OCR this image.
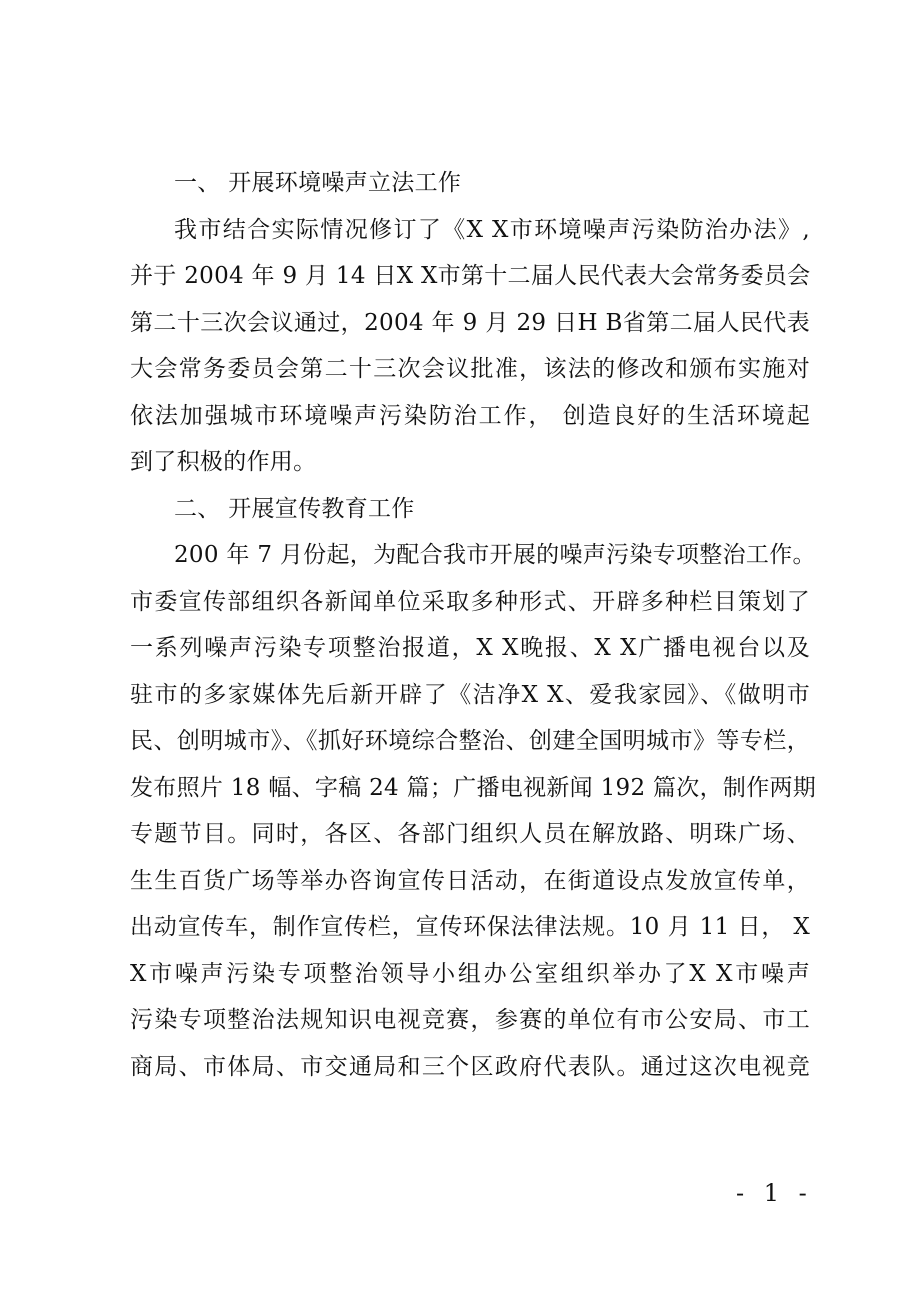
一、 开展环境噪声立法工作
我市结合实际情况修订了《X X市环境噪声污染防治办法》,
并于 2004 年 9 月 14 日X X市第十二届人民代表大会常务委员会
第二十三次会议通过，2004 年 9 月 29 日H B省第二届人民代表
大会常务委员会第二十三次会议批准，该法的修改和颁布实施对
依法加强城市环境噪声污染防治工作， 创造良好的生活环境起
到了积极的作用。
二、 开展宣传教育工作
200 年 7 月份起，为配合我市开展的噪声污染专项整治工作。
市委宣传部组织各新闻单位采取多种形式、开辟多种栏目策划了
一系列噪声污染专项整治报道，X X晚报、X X广播电视台以及
驻市的多家媒体先后新开辟了《洁净X X、爱我家园》、《做明市
民、创明城市》、《抓好环境综合整治、创建全国明城市》等专栏，
发布照片 18 幅、字稿 24 篇；广播电视新闻 192 篇次，制作两期
专题节目。同时，各区、各部门组织人员在解放路、明珠广场、
生生百货广场等举办咨询宣传日活动，在街道设点发放宣传单，
出动宣传车，制作宣传栏，宣传环保法律法规。10 月 11 日， X
X市噪声污染专项整治领导小组办公室组织举办了X X市噪声
污染专项整治法规知识电视竞赛，参赛的单位有市公安局、市工
商局、市体局、市交通局和三个区政府代表队。通过这次电视竞
- 1 -
